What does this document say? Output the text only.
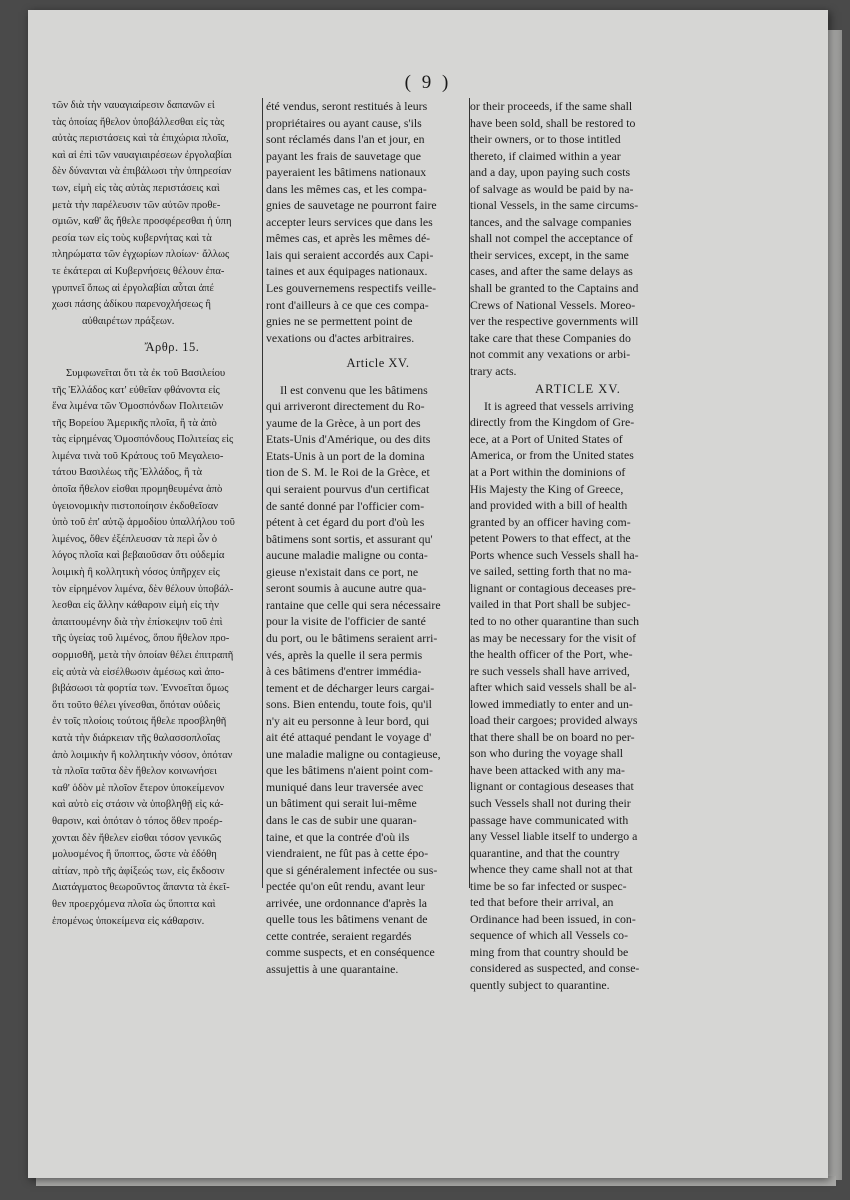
( 9 )
τῶν διὰ τὴν ναυαγιαίρεσιν δαπανῶν εἰ
τὰς ὁποίας ἤθελον ὑποβάλλεσθαι εἰς τὰς
αὐτὰς περιστάσεις καὶ τὰ ἐπιχώρια πλοῖα,
καὶ αἱ ἐπὶ τῶν ναυαγιαιρέσεων ἐργολαβίαι
δὲν δύνανται νὰ ἐπιβάλωσι τὴν ὑπηρεσίαν
των, εἰμὴ εἰς τὰς αὐτὰς περιστάσεις καὶ
μετὰ τὴν παρέλευσιν τῶν αὐτῶν προθε-
σμιῶν, καθ' ἃς ἤθελε προσφέρεσθαι ἡ ὑπη
ρεσία των εἰς τοὺς κυβερνήτας καὶ τὰ
πληρώματα τῶν ἐγχωρίων πλοίων· ἄλλως
τε ἑκάτεραι αἱ Κυβερνήσεις θέλουν ἐπα-
γρυπνεῖ ὅπως αἱ ἐργολαβίαι αὗται ἀπέ
χωσι πάσης ἀδίκου παρενοχλήσεως ἢ
αὐθαιρέτων πράξεων.
Ἄρθρ. 15.
Συμφωνεῖται ὅτι τὰ ἐκ τοῦ Βασιλείου
τῆς Ἑλλάδος κατ' εὐθεῖαν φθάνοντα εἰς
ἕνα λιμένα τῶν Ὁμοσπόνδων Πολιτειῶν
τῆς Βορείου Ἀμερικῆς πλοῖα, ἢ τὰ ἀπὸ
τὰς εἰρημένας Ὁμοσπόνδους Πολιτείας εἰς
λιμένα τινὰ τοῦ Κράτους τοῦ Μεγαλειο-
τάτου Βασιλέως τῆς Ἑλλάδος, ἢ τὰ
ὁποῖα ἤθελον εἰσθαι προμηθευμένα ἀπὸ
ὑγειονομικὴν πιστοποίησιν ἐκδοθεῖσαν
ὑπὸ τοῦ ἐπ' αὐτῷ ἁρμοδίου ὑπαλλήλου τοῦ
λιμένος, ὅθεν ἐξέπλευσαν τὰ περὶ ὧν ὁ
λόγος πλοῖα καὶ βεβαιοῦσαν ὅτι οὐδεμία
λοιμικὴ ἢ κολλητικὴ νόσος ὑπῆρχεν εἰς
τὸν εἰρημένον λιμένα, δὲν θέλουν ὑποβάλ-
λεσθαι εἰς ἄλλην κάθαρσιν εἰμὴ εἰς τὴν
ἀπαιτουμένην διὰ τὴν ἐπίσκεψιν τοῦ ἐπὶ
τῆς ὑγείας τοῦ λιμένος, ὅπου ἤθελον προ-
σορμισθῆ, μετὰ τὴν ὁποίαν θέλει ἐπιτραπῆ
εἰς αὐτὰ νὰ εἰσέλθωσιν ἀμέσως καὶ ἀπο-
βιβάσωσι τὰ φορτία των. Ἐννοεῖται ὅμως
ὅτι τοῦτο θέλει γίνεσθαι, ὅπόταν οὐδεὶς
ἐν τοῖς πλοίοις τούτοις ἤθελε προσβληθῆ
κατὰ τὴν διάρκειαν τῆς θαλασσοπλοΐας
ἀπὸ λοιμικὴν ἢ κολλητικὴν νόσον, ὁπόταν
τὰ πλοῖα ταῦτα δὲν ἤθελον κοινωνήσει
καθ' ὁδὸν μὲ πλοῖον ἕτερον ὑποκείμενον
καὶ αὐτὸ εἰς στάσιν νὰ ὑποβληθῇ εἰς κά-
θαρσιν, καὶ ὁπόταν ὁ τόπος ὅθεν προέρ-
χονται δὲν ἤθελεν εἰσθαι τόσον γενικῶς
μολυσμένος ἢ ὕποπτος, ὥστε νὰ ἐδόθη
αἰτίαν, πρὸ τῆς ἀφίξεώς των, εἰς ἔκδοσιν
Διατάγματος θεωροῦντος ἅπαντα τὰ ἐκεῖ-
θεν προερχόμενα πλοῖα ὡς ὕποπτα καὶ
ἑπομένως ὑποκείμενα εἰς κάθαρσιν.
été vendus, seront restitués à leurs
propriétaires ou ayant cause, s'ils
sont réclamés dans l'an et jour, en
payant les frais de sauvetage que
payeraient les bâtimens nationaux
dans les mêmes cas, et les compa-
gnies de sauvetage ne pourront faire
accepter leurs services que dans les
mêmes cas, et après les mêmes dé-
lais qui seraient accordés aux Capi-
taines et aux équipages nationaux.
Les gouvernemens respectifs veille-
ront d'ailleurs à ce que ces compa-
gnies ne se permettent point de
vexations ou d'actes arbitraires.
Article XV.
Il est convenu que les bâtimens
qui arriveront directement du Ro-
yaume de la Grèce, à un port des
Etats-Unis d'Amérique, ou des dits
Etats-Unis à un port de la domina
tion de S. M. le Roi de la Grèce, et
qui seraient pourvus d'un certificat
de santé donné par l'officier com-
pétent à cet égard du port d'où les
bâtimens sont sortis, et assurant qu'
aucune maladie maligne ou conta-
gieuse n'existait dans ce port, ne
seront soumis à aucune autre qua-
rantaine que celle qui sera nécessaire
pour la visite de l'officier de santé
du port, ou le bâtimens seraient arri-
vés, après la quelle il sera permis
à ces bâtimens d'entrer immédia-
tement et de décharger leurs cargai-
sons. Bien entendu, toute fois, qu'il
n'y ait eu personne à leur bord, qui
ait été attaqué pendant le voyage d'
une maladie maligne ou contagieuse,
que les bâtimens n'aient point com-
muniqué dans leur traversée avec
un bâtiment qui serait lui-même
dans le cas de subir une quaran-
taine, et que la contrée d'où ils
viendraient, ne fût pas à cette épo-
que si généralement infectée ou sus-
pectée qu'on eût rendu, avant leur
arrivée, une ordonnance d'après la
quelle tous les bâtimens venant de
cette contrée, seraient regardés
comme suspects, et en conséquence
assujettis à une quarantaine.
or their proceeds, if the same shall
have been sold, shall be restored to
their owners, or to those intitled
thereto, if claimed within a year
and a day, upon paying such costs
of salvage as would be paid by na-
tional Vessels, in the same circums-
tances, and the salvage companies
shall not compel the acceptance of
their services, except, in the same
cases, and after the same delays as
shall be granted to the Captains and
Crews of National Vessels. Moreo-
ver the respective governments will
take care that these Companies do
not commit any vexations or arbi-
trary acts.
ARTICLE XV.
It is agreed that vessels arriving
directly from the Kingdom of Gre-
ece, at a Port of United States of
America, or from the United states
at a Port within the dominions of
His Majesty the King of Greece,
and provided with a bill of health
granted by an officer having com-
petent Powers to that effect, at the
Ports whence such Vessels shall ha-
ve sailed, setting forth that no ma-
lignant or contagious deceases pre-
vailed in that Port shall be subjec-
ted to no other quarantine than such
as may be necessary for the visit of
the health officer of the Port, whe-
re such vessels shall have arrived,
after which said vessels shall be al-
lowed immediatly to enter and un-
load their cargoes; provided always
that there shall be on board no per-
son who during the voyage shall
have been attacked with any ma-
lignant or contagious deseases that
such Vessels shall not during their
passage have communicated with
any Vessel liable itself to undergo a
quarantine, and that the country
whence they came shall not at that
time be so far infected or suspec-
ted that before their arrival, an
Ordinance had been issued, in con-
sequence of which all Vessels co-
ming from that country should be
considered as suspected, and conse-
quently subject to quarantine.
